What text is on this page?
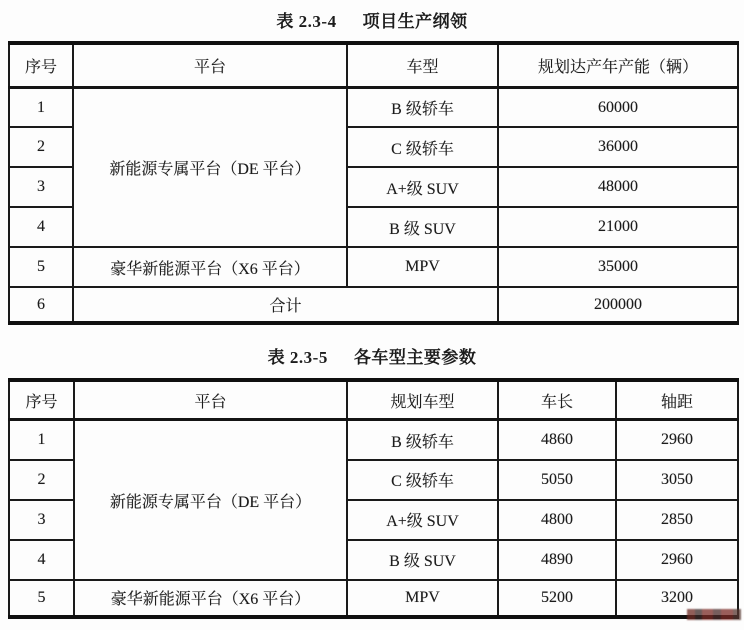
表 2.3-4 项目生产纲领
序号	平台	车型	规划达产年产能（辆）
1	新能源专属平台（DE 平台）	B 级轿车	60000
2		C 级轿车	36000
3		A+级 SUV	48000
4		B 级 SUV	21000
5	豪华新能源平台（X6 平台）	MPV	35000
6	合计		200000
表 2.3-5 各车型主要参数
序号	平台	规划车型	车长	轴距
1	新能源专属平台（DE 平台）	B 级轿车	4860	2960
2		C 级轿车	5050	3050
3		A+级 SUV	4800	2850
4		B 级 SUV	4890	2960
5	豪华新能源平台（X6 平台）	MPV	5200	3200
